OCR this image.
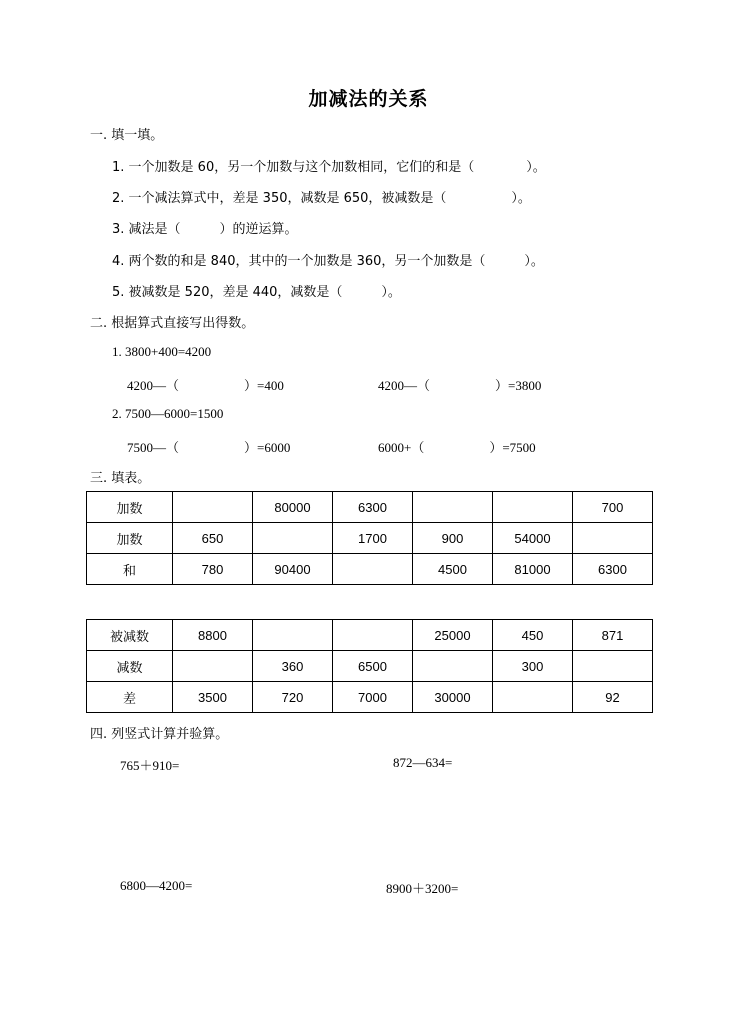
加减法的关系
一. 填一填。
1. 一个加数是 60，另一个加数与这个加数相同，它们的和是（　　　　）。
2. 一个减法算式中，差是 350，减数是 650，被减数是（　　　　　）。
3. 减法是（　　　）的逆运算。
4. 两个数的和是 840，其中的一个加数是 360，另一个加数是（　　　）。
5. 被减数是 520，差是 440，减数是（　　　）。
二. 根据算式直接写出得数。
1. 3800+400=4200
4200—（　　　　　）=400	4200—（　　　　　）=3800
2. 7500—6000=1500
7500—（　　　　　）=6000	6000+（　　　　　）=7500
三. 填表。
加数		80000	6300			700
加数	650		1700	900	54000	
和	780	90400		4500	81000	6300
被减数	8800			25000	450	871
减数		360	6500		300	
差	3500	720	7000	30000		92
四. 列竖式计算并验算。
765＋910=	872—634=
6800—4200=	8900＋3200=
